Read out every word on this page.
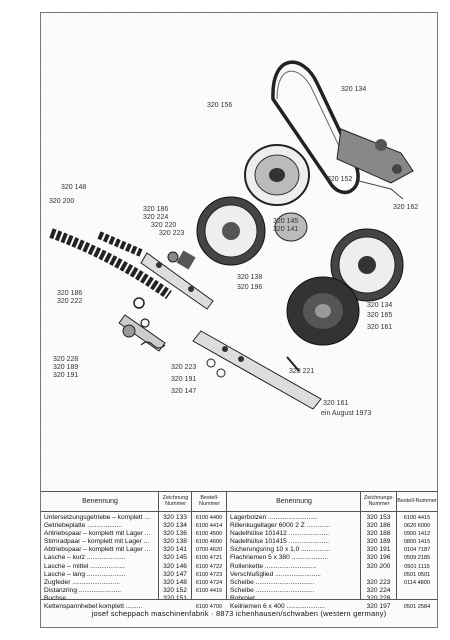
320 156
320 134
320 152
320 162
320 148
320 200
320 186
320 224
320 220
320 223
320 145
320 141
320 138
320 196
320 134
320 165
320 161
320 186
320 222
320 228
320 189
320 191
320 223
320 191
320 147
320 221
320 161
ein August 1973
Benennung
Untersetzungsgetriebe – komplett ...
Getriebeplatte ...................
Antriebspaar – komplett mit Lager ...
Stirnradpaar – komplett mit Lager ...
Abtriebspaar – komplett mit Lager ...
Lasche – kurz .....................
Lasche – mittel ...................
Lasche – lang .....................
Zugfeder ..........................
Distanzring .......................
Buchse ............................
Kettenspannhebel komplett .........
Zeichnung Nummer
320 133
320 134
320 136
320 138
320 141
320 145
320 146
320 147
320 148
320 152
320 151
Bestell-Nummer
6100 4400
6100 4414
6100 4500
6100 4600
0700 4620
6100 4721
6100 4722
6100 4723
6100 4724
6100 4416
6100 4700
Benennung
Lagerbolzen ...........................
Rillenkugellager 6000 2 Z .............
Nadelhülse 101412 ......................
Nadelhülse 101415 ......................
Sicherungsring 10 x 1,0 ................
Flachriemen 5 x 380 ....................
Rollenkette ............................
Verschlußglied .........................
Scheibe ................................
Scheibe ................................
Rohrniet ...............................
Keilriemen 6 x 400 .....................
Zeichnungs-Nummer
320 153
320 186
320 188
320 189
320 191
320 196
320 200
320 223
320 224
320 228
320 197
Bestell-Nummer
6100 4415
0620 6000
0900 1412
0800 1415
0104 7187
0509 2185
0501 1115
0501 0501
0114 4800
0501 2584
josef scheppach maschinenfabrik · 8873 ichenhausen/schwaben (western germany)
